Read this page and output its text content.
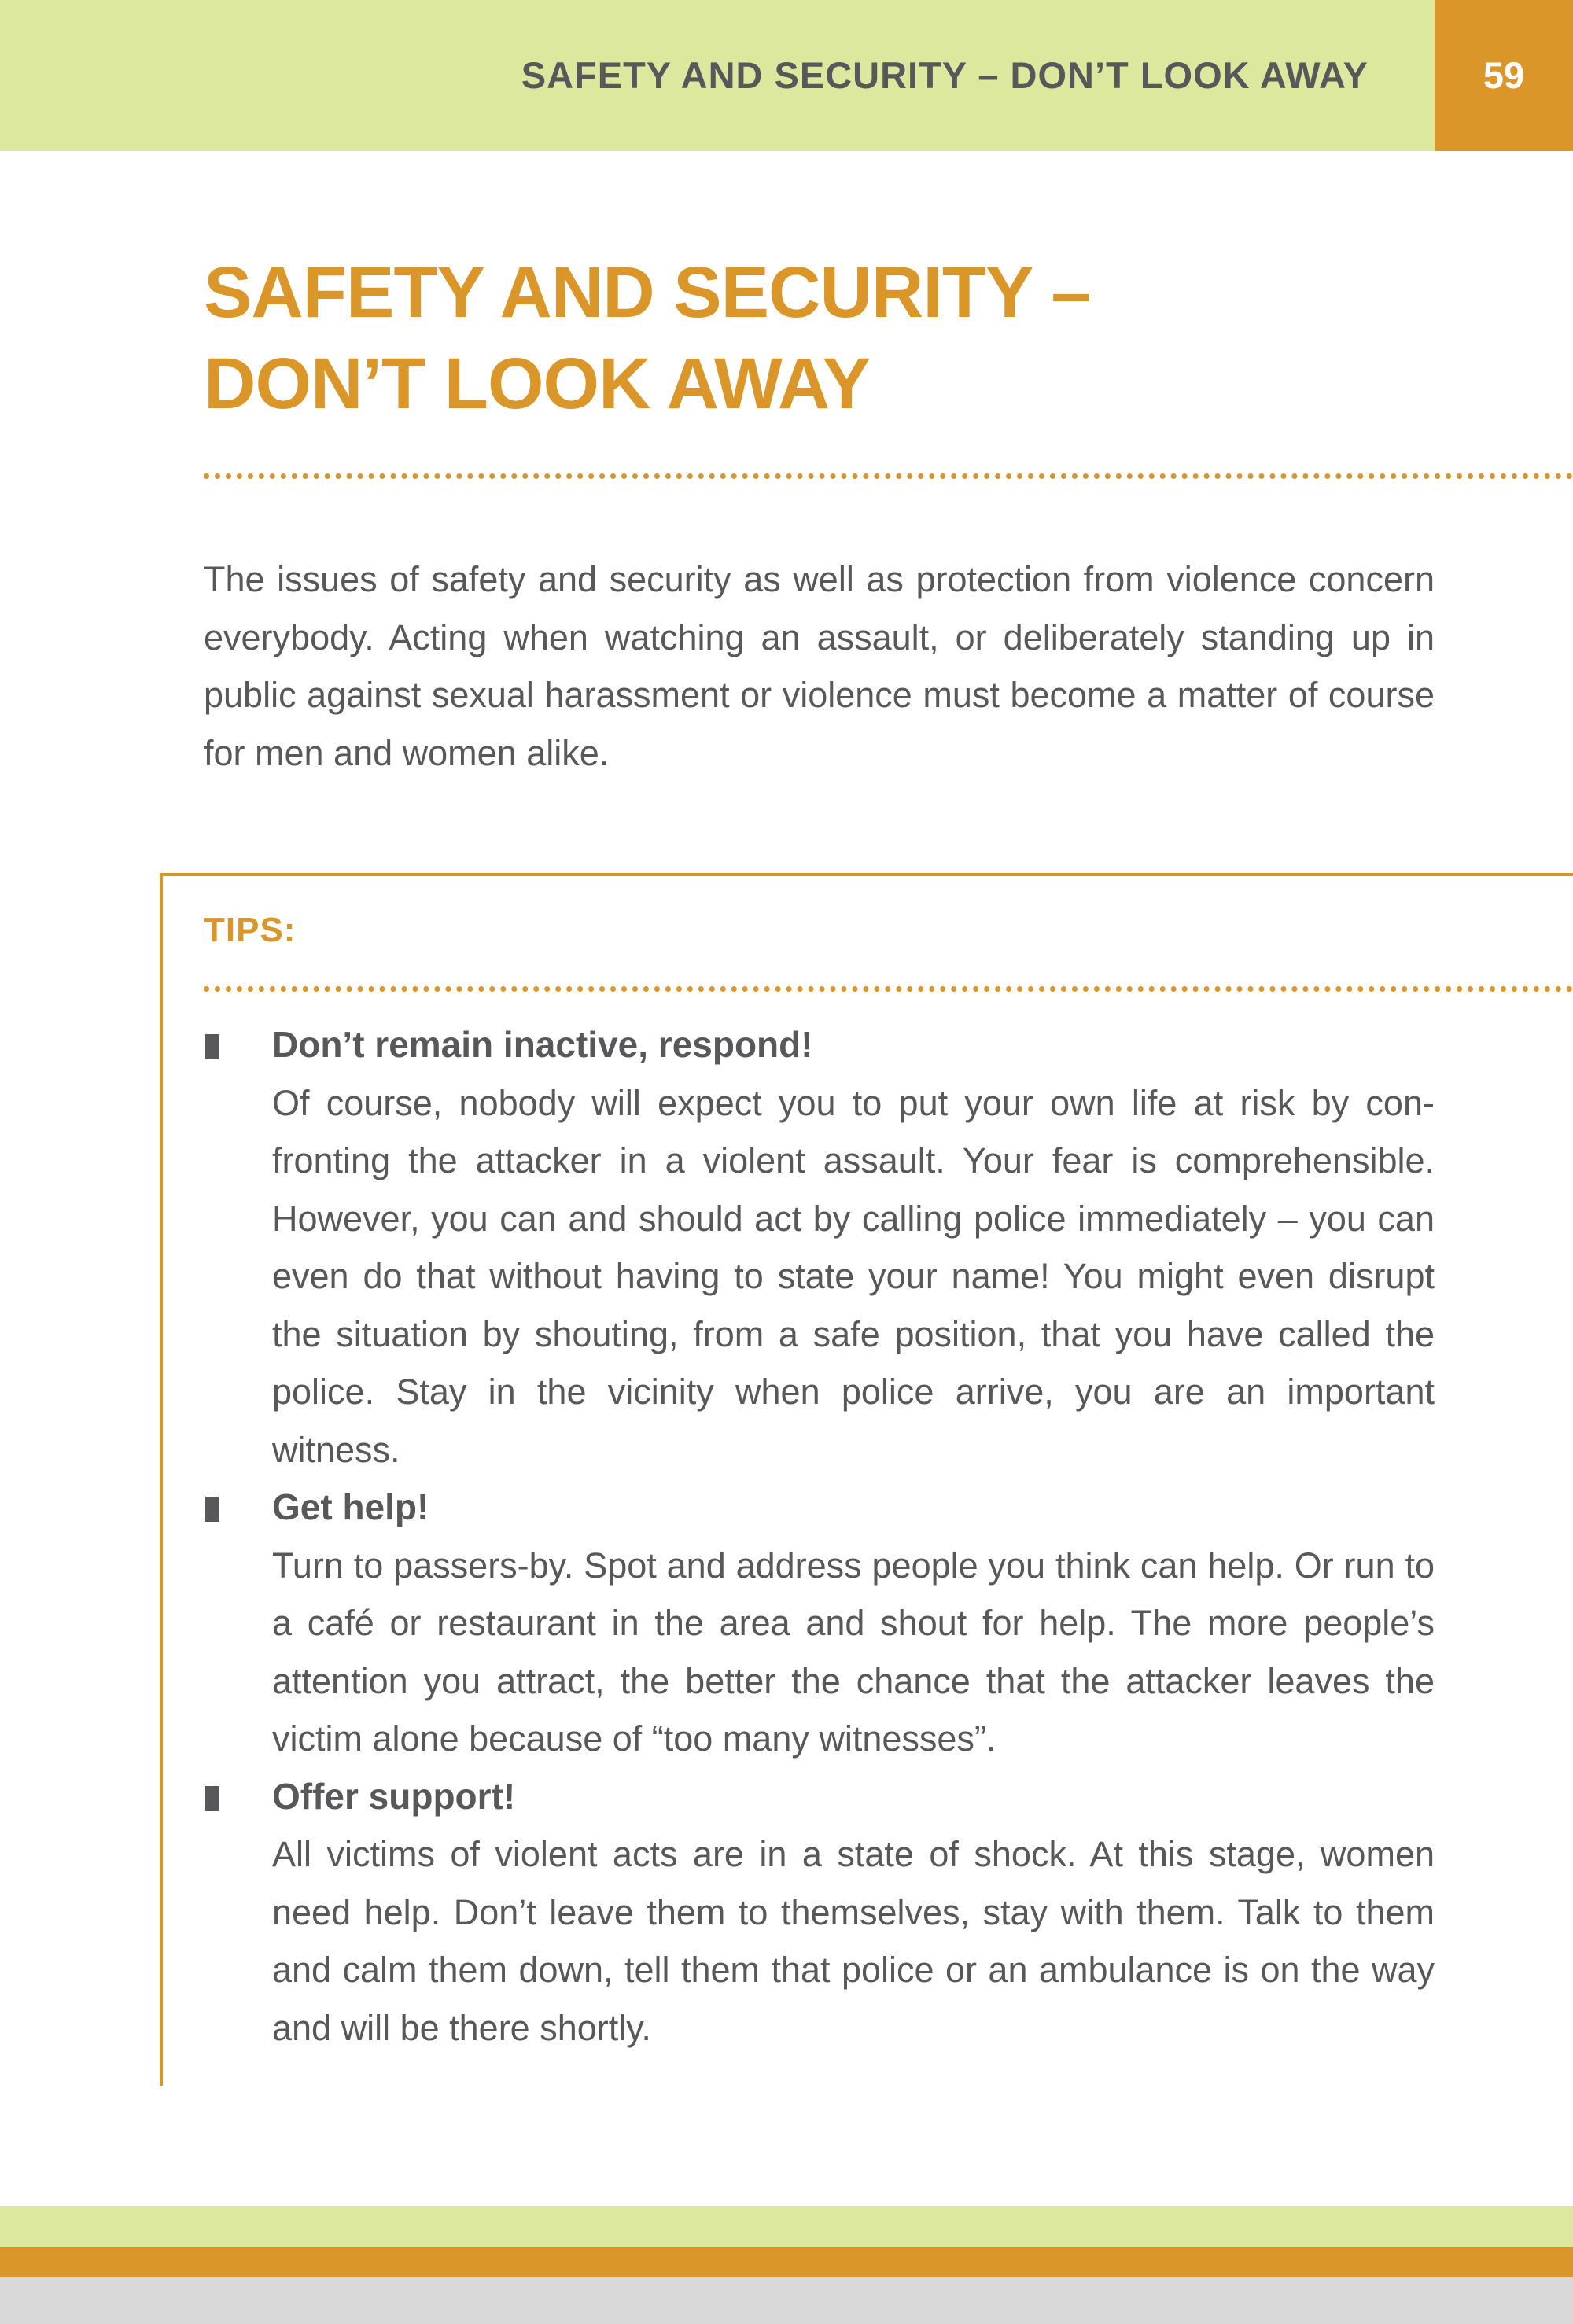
SAFETY AND SECURITY – DON’T LOOK AWAY	59
SAFETY AND SECURITY –
DON’T LOOK AWAY

The issues of safety and security as well as protection from violence concern everybody. Acting when watching an assault, or deliberately standing up in public against sexual harassment or violence must become a matter of course for men and women alike.

TIPS:
Don’t remain inactive, respond!

Of course, nobody will expect you to put your own life at risk by confronting the attacker in a violent assault. Your fear is comprehensible. However, you can and should act by calling police immediately – you can even do that without having to state your name! You might even disrupt the situation by shouting, from a safe position, that you have called the police. Stay in the vicinity when police arrive, you are an important witness.

Get help!

Turn to passers-by. Spot and address people you think can help. Or run to a café or restaurant in the area and shout for help. The more people’s attention you attract, the better the chance that the attacker leaves the victim alone because of “too many witnesses”.

Offer support!

All victims of violent acts are in a state of shock. At this stage, women need help. Don’t leave them to themselves, stay with them. Talk to them and calm them down, tell them that police or an ambulance is on the way and will be there shortly.
